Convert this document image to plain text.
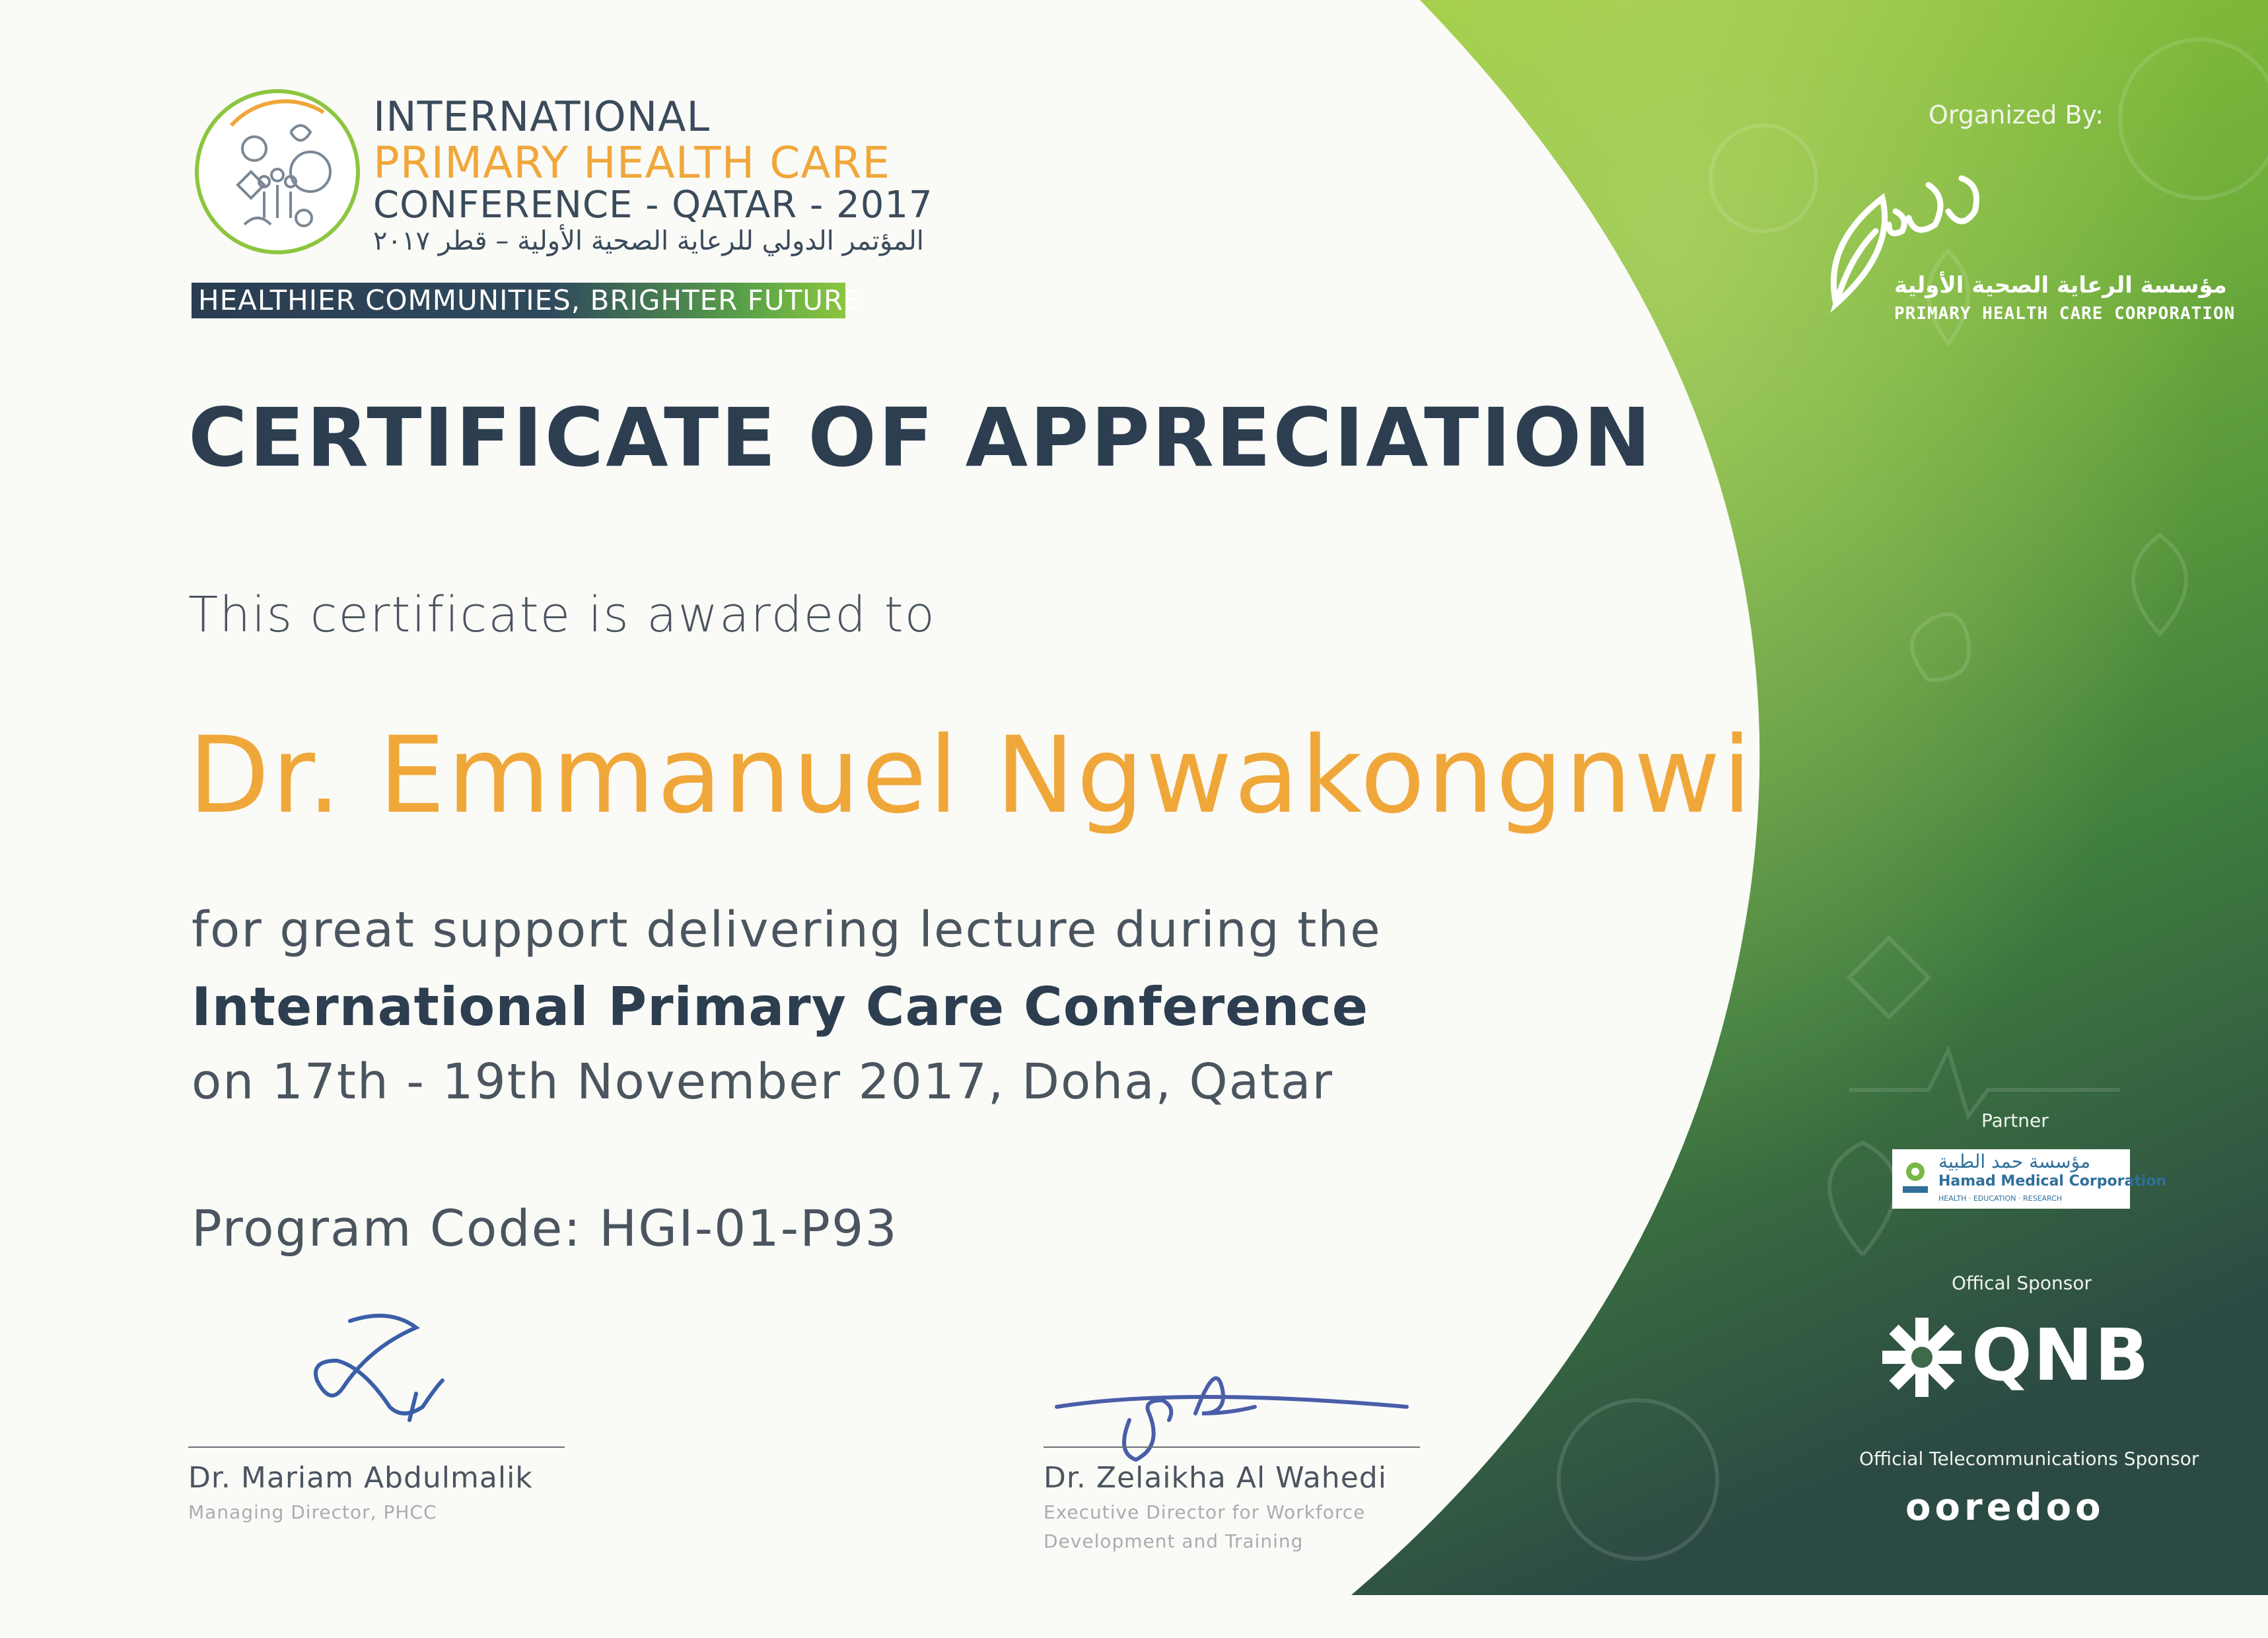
INTERNATIONAL
PRIMARY HEALTH CARE
CONFERENCE - QATAR - 2017
المؤتمر الدولي للرعاية الصحية الأولية – قطر ٢٠١٧
HEALTHIER COMMUNITIES, BRIGHTER FUTURE
CERTIFICATE OF APPRECIATION
This certificate is awarded to
Dr. Emmanuel Ngwakongnwi
for great support delivering lecture during the
International Primary Care Conference
on 17th - 19th November 2017, Doha, Qatar
Program Code: HGI-01-P93
Dr. Mariam Abdulmalik
Managing Director, PHCC
Dr. Zelaikha Al Wahedi
Executive Director for Workforce Development and Training
Organized By:
مؤسسة الرعاية الصحية الأولية
PRIMARY HEALTH CARE CORPORATION
Partner
مؤسسة حمد الطبية
Hamad Medical Corporation
HEALTH · EDUCATION · RESEARCH
Offical Sponsor
QNB
Official Telecommunications Sponsor
ooredoo
